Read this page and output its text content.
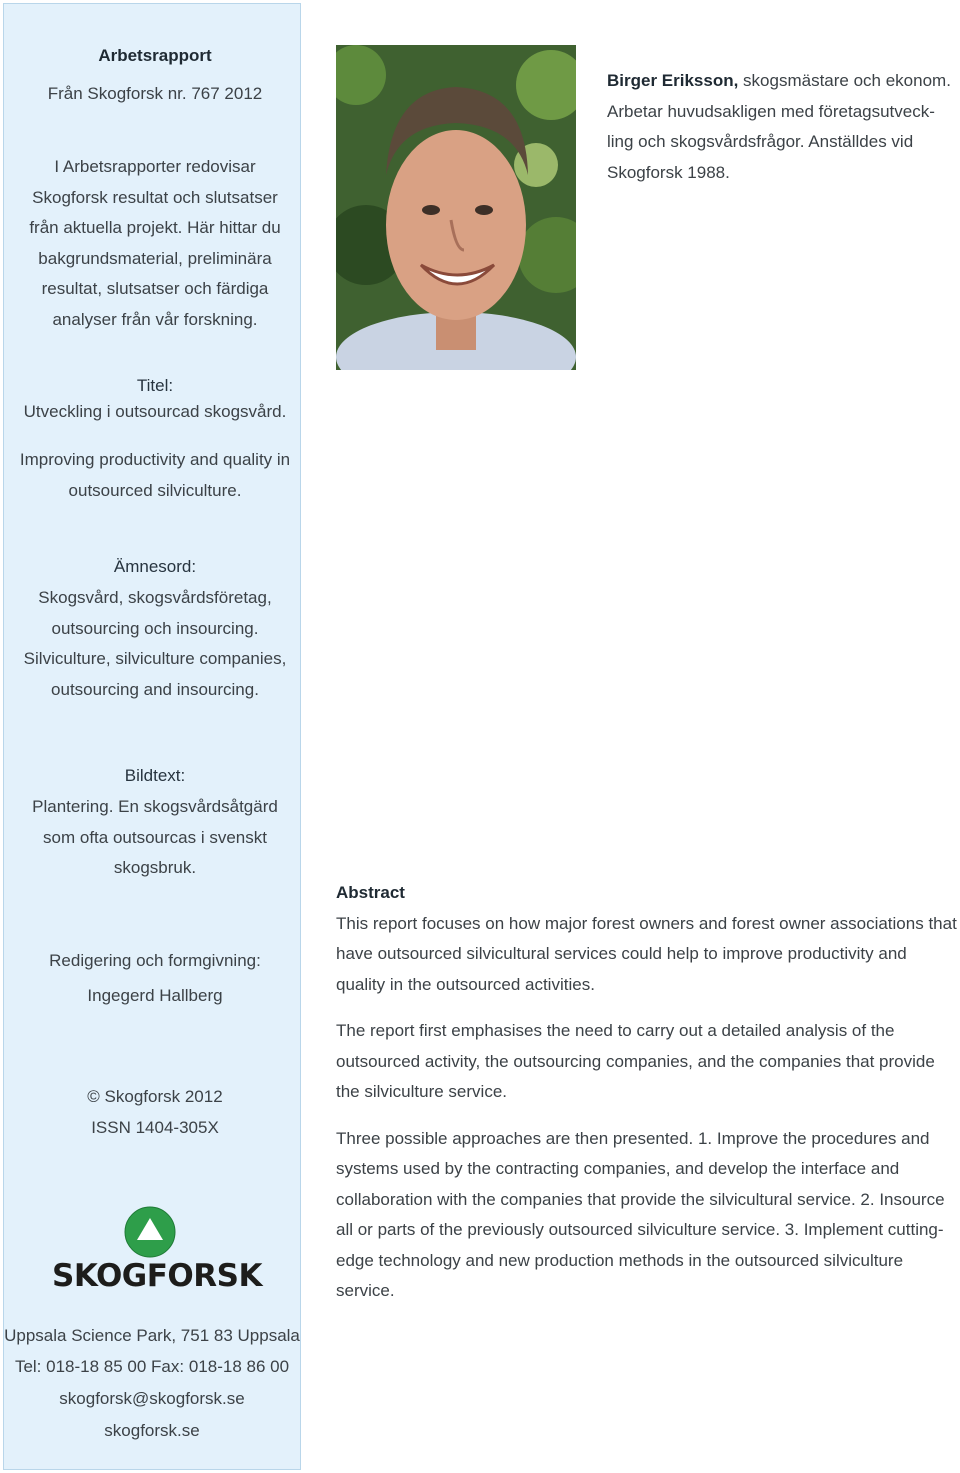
Arbetsrapport
Från Skogforsk nr. 767 2012
I Arbetsrapporter redovisar
Skogforsk resultat och slutsatser
från aktuella projekt. Här hittar du
bakgrundsmaterial, preliminära
resultat, slutsatser och färdiga
analyser från vår forskning.
Titel:
Utveckling i outsourcad skogsvård.
Improving productivity and quality in
outsourced silviculture.
Ämnesord:
Skogsvård, skogsvårdsföretag,
outsourcing och insourcing.
Silviculture, silviculture companies,
outsourcing and insourcing.
Bildtext:
Plantering. En skogsvårdsåtgärd
som ofta outsourcas i svenskt
skogsbruk.
Redigering och formgivning:
Ingegerd Hallberg
© Skogforsk 2012
ISSN 1404-305X
SKOGFORSK
Uppsala Science Park, 751 83 Uppsala
Tel: 018-18 85 00 Fax: 018-18 86 00
skogforsk@skogforsk.se
skogforsk.se
Birger Eriksson, skogsmästare och ekonom.
Arbetar huvudsakligen med företagsutveck-
ling och skogsvårdsfrågor. Anställdes vid
Skogforsk 1988.
Abstract

This report focuses on how major forest owners and forest owner associations that have outsourced silvicultural services could help to improve productivity and quality in the outsourced activities.

The report first emphasises the need to carry out a detailed analysis of the outsourced activity, the outsourcing companies, and the companies that provide the silviculture service.

Three possible approaches are then presented. 1. Improve the procedures and systems used by the contracting companies, and develop the interface and collaboration with the companies that provide the silvicultural service. 2. Insource all or parts of the previously outsourced silviculture service. 3. Implement cutting-edge technology and new production methods in the outsourced silviculture service.
